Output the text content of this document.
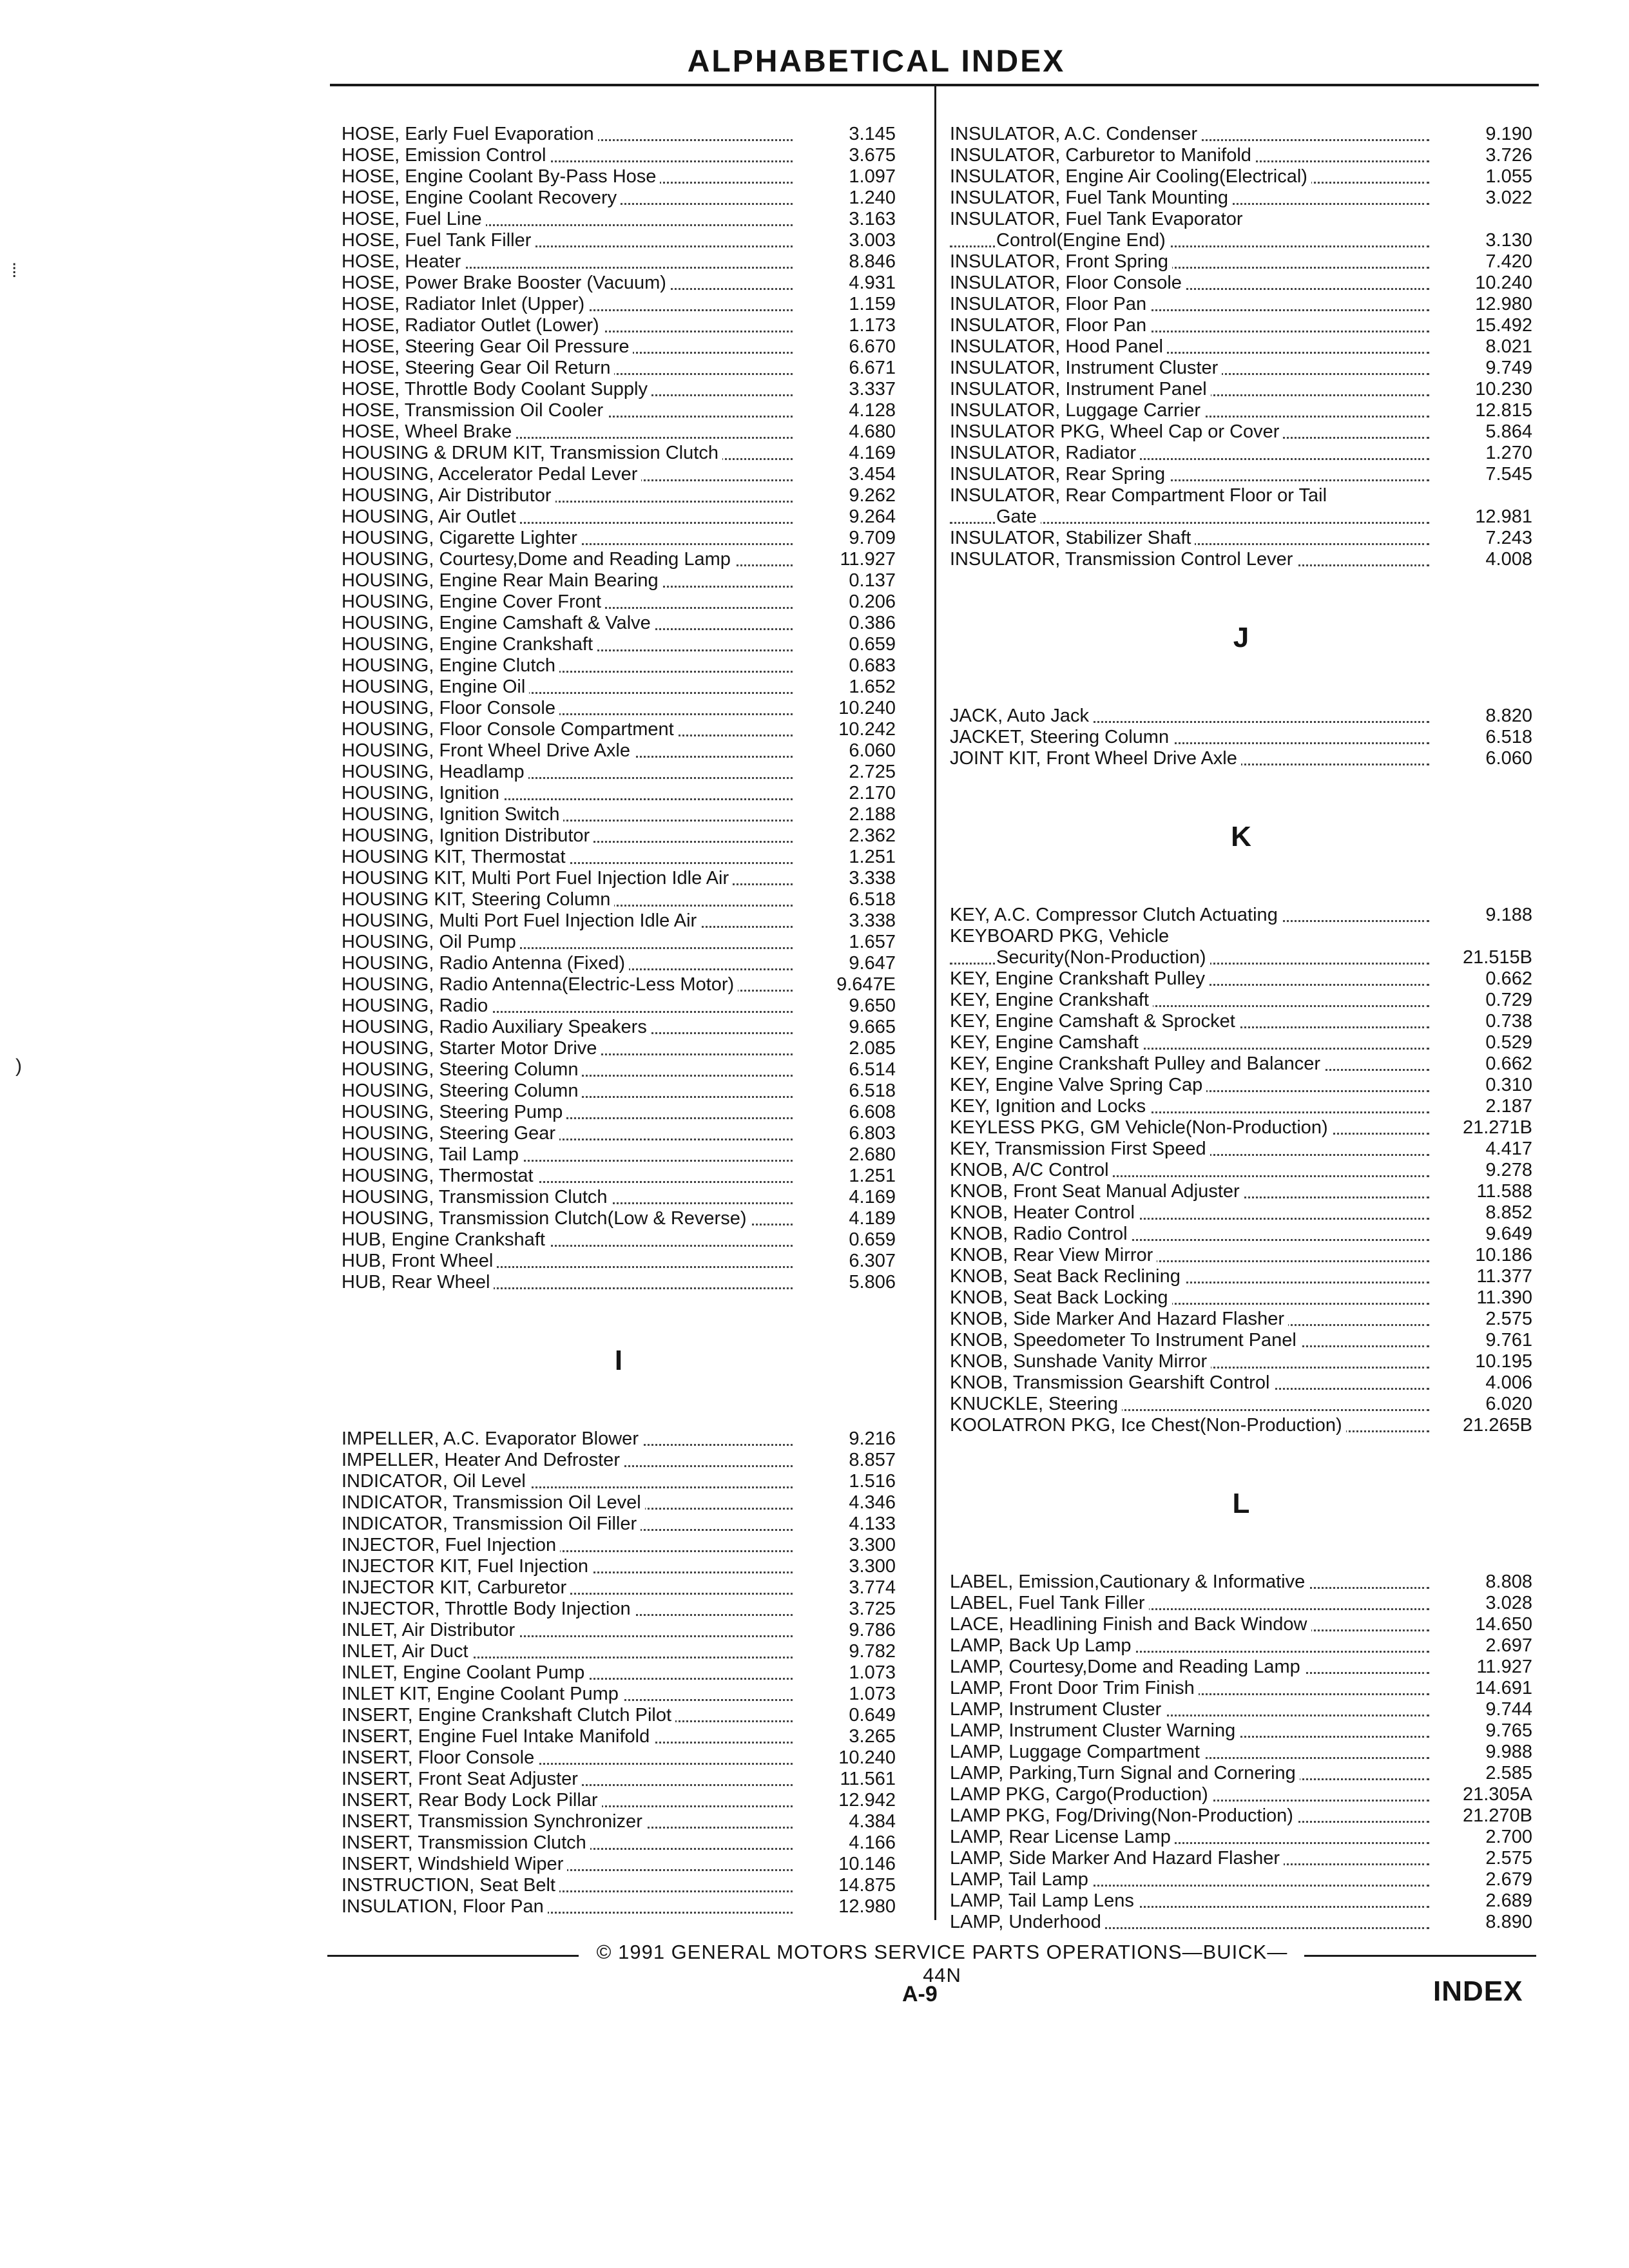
ALPHABETICAL INDEX
⁞
)
HOSE, Early Fuel Evaporation	3.145
HOSE, Emission Control	3.675
HOSE, Engine Coolant By-Pass Hose	1.097
HOSE, Engine Coolant Recovery	1.240
HOSE, Fuel Line	3.163
HOSE, Fuel Tank Filler	3.003
HOSE, Heater	8.846
HOSE, Power Brake Booster (Vacuum)	4.931
HOSE, Radiator Inlet (Upper)	1.159
HOSE, Radiator Outlet (Lower)	1.173
HOSE, Steering Gear Oil Pressure	6.670
HOSE, Steering Gear Oil Return	6.671
HOSE, Throttle Body Coolant Supply	3.337
HOSE, Transmission Oil Cooler	4.128
HOSE, Wheel Brake	4.680
HOUSING & DRUM KIT, Transmission Clutch	4.169
HOUSING, Accelerator Pedal Lever	3.454
HOUSING, Air Distributor	9.262
HOUSING, Air Outlet	9.264
HOUSING, Cigarette Lighter	9.709
HOUSING, Courtesy,Dome and Reading Lamp	11.927
HOUSING, Engine Rear Main Bearing	0.137
HOUSING, Engine Cover Front	0.206
HOUSING, Engine Camshaft & Valve	0.386
HOUSING, Engine Crankshaft	0.659
HOUSING, Engine Clutch	0.683
HOUSING, Engine Oil	1.652
HOUSING, Floor Console	10.240
HOUSING, Floor Console Compartment	10.242
HOUSING, Front Wheel Drive Axle	6.060
HOUSING, Headlamp	2.725
HOUSING, Ignition	2.170
HOUSING, Ignition Switch	2.188
HOUSING, Ignition Distributor	2.362
HOUSING KIT, Thermostat	1.251
HOUSING KIT, Multi Port Fuel Injection Idle Air	3.338
HOUSING KIT, Steering Column	6.518
HOUSING, Multi Port Fuel Injection Idle Air	3.338
HOUSING, Oil Pump	1.657
HOUSING, Radio Antenna (Fixed)	9.647
HOUSING, Radio Antenna(Electric-Less Motor)	9.647E
HOUSING, Radio	9.650
HOUSING, Radio Auxiliary Speakers	9.665
HOUSING, Starter Motor Drive	2.085
HOUSING, Steering Column	6.514
HOUSING, Steering Column	6.518
HOUSING, Steering Pump	6.608
HOUSING, Steering Gear	6.803
HOUSING, Tail Lamp	2.680
HOUSING, Thermostat	1.251
HOUSING, Transmission Clutch	4.169
HOUSING, Transmission Clutch(Low & Reverse)	4.189
HUB, Engine Crankshaft	0.659
HUB, Front Wheel	6.307
HUB, Rear Wheel	5.806
I
IMPELLER, A.C. Evaporator Blower	9.216
IMPELLER, Heater And Defroster	8.857
INDICATOR, Oil Level	1.516
INDICATOR, Transmission Oil Level	4.346
INDICATOR, Transmission Oil Filler	4.133
INJECTOR, Fuel Injection	3.300
INJECTOR KIT, Fuel Injection	3.300
INJECTOR KIT, Carburetor	3.774
INJECTOR, Throttle Body Injection	3.725
INLET, Air Distributor	9.786
INLET, Air Duct	9.782
INLET, Engine Coolant Pump	1.073
INLET KIT, Engine Coolant Pump	1.073
INSERT, Engine Crankshaft Clutch Pilot	0.649
INSERT, Engine Fuel Intake Manifold	3.265
INSERT, Floor Console	10.240
INSERT, Front Seat Adjuster	11.561
INSERT, Rear Body Lock Pillar	12.942
INSERT, Transmission Synchronizer	4.384
INSERT, Transmission Clutch	4.166
INSERT, Windshield Wiper	10.146
INSTRUCTION, Seat Belt	14.875
INSULATION, Floor Pan	12.980
INSULATOR, A.C. Condenser	9.190
INSULATOR, Carburetor to Manifold	3.726
INSULATOR, Engine Air Cooling(Electrical)	1.055
INSULATOR, Fuel Tank Mounting	3.022
INSULATOR, Fuel Tank Evaporator
Control(Engine End)	3.130
INSULATOR, Front Spring	7.420
INSULATOR, Floor Console	10.240
INSULATOR, Floor Pan	12.980
INSULATOR, Floor Pan	15.492
INSULATOR, Hood Panel	8.021
INSULATOR, Instrument Cluster	9.749
INSULATOR, Instrument Panel	10.230
INSULATOR, Luggage Carrier	12.815
INSULATOR PKG, Wheel Cap or Cover	5.864
INSULATOR, Radiator	1.270
INSULATOR, Rear Spring	7.545
INSULATOR, Rear Compartment Floor or Tail
Gate	12.981
INSULATOR, Stabilizer Shaft	7.243
INSULATOR, Transmission Control Lever	4.008
J
JACK, Auto Jack	8.820
JACKET, Steering Column	6.518
JOINT KIT, Front Wheel Drive Axle	6.060
K
KEY, A.C. Compressor Clutch Actuating	9.188
KEYBOARD PKG, Vehicle
Security(Non-Production)	21.515B
KEY, Engine Crankshaft Pulley	0.662
KEY, Engine Crankshaft	0.729
KEY, Engine Camshaft & Sprocket	0.738
KEY, Engine Camshaft	0.529
KEY, Engine Crankshaft Pulley and Balancer	0.662
KEY, Engine Valve Spring Cap	0.310
KEY, Ignition and Locks	2.187
KEYLESS PKG, GM Vehicle(Non-Production)	21.271B
KEY, Transmission First Speed	4.417
KNOB, A/C Control	9.278
KNOB, Front Seat Manual Adjuster	11.588
KNOB, Heater Control	8.852
KNOB, Radio Control	9.649
KNOB, Rear View Mirror	10.186
KNOB, Seat Back Reclining	11.377
KNOB, Seat Back Locking	11.390
KNOB, Side Marker And Hazard Flasher	2.575
KNOB, Speedometer To Instrument Panel	9.761
KNOB, Sunshade Vanity Mirror	10.195
KNOB, Transmission Gearshift Control	4.006
KNUCKLE, Steering	6.020
KOOLATRON PKG, Ice Chest(Non-Production)	21.265B
L
LABEL, Emission,Cautionary & Informative	8.808
LABEL, Fuel Tank Filler	3.028
LACE, Headlining Finish and Back Window	14.650
LAMP, Back Up Lamp	2.697
LAMP, Courtesy,Dome and Reading Lamp	11.927
LAMP, Front Door Trim Finish	14.691
LAMP, Instrument Cluster	9.744
LAMP, Instrument Cluster Warning	9.765
LAMP, Luggage Compartment	9.988
LAMP, Parking,Turn Signal and Cornering	2.585
LAMP PKG, Cargo(Production)	21.305A
LAMP PKG, Fog/Driving(Non-Production)	21.270B
LAMP, Rear License Lamp	2.700
LAMP, Side Marker And Hazard Flasher	2.575
LAMP, Tail Lamp	2.679
LAMP, Tail Lamp Lens	2.689
LAMP, Underhood	8.890
© 1991 GENERAL MOTORS SERVICE PARTS OPERATIONS—BUICK—44N
A-9	INDEX
